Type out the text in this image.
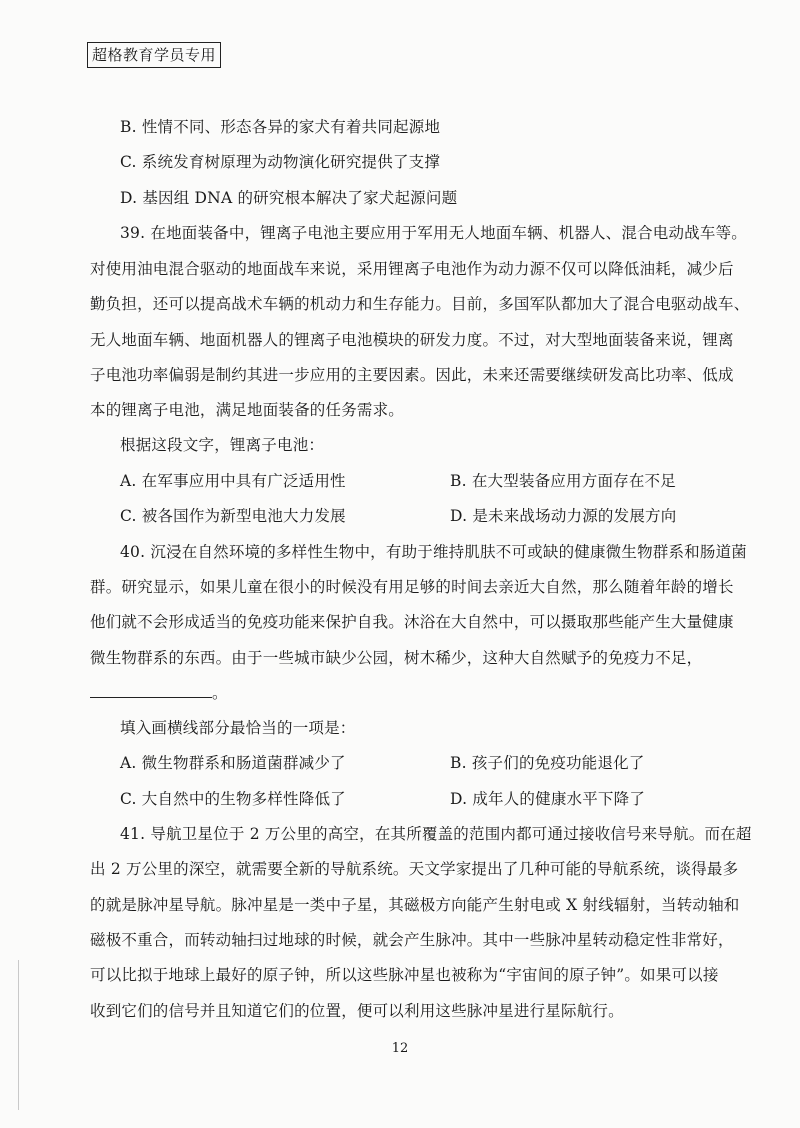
超格教育学员专用
B. 性情不同、形态各异的家犬有着共同起源地
C. 系统发育树原理为动物演化研究提供了支撑
D. 基因组 DNA 的研究根本解决了家犬起源问题
39. 在地面装备中，锂离子电池主要应用于军用无人地面车辆、机器人、混合电动战车等。
对使用油电混合驱动的地面战车来说，采用锂离子电池作为动力源不仅可以降低油耗，减少后
勤负担，还可以提高战术车辆的机动力和生存能力。目前，多国军队都加大了混合电驱动战车、
无人地面车辆、地面机器人的锂离子电池模块的研发力度。不过，对大型地面装备来说，锂离
子电池功率偏弱是制约其进一步应用的主要因素。因此，未来还需要继续研发高比功率、低成
本的锂离子电池，满足地面装备的任务需求。
根据这段文字，锂离子电池：
A. 在军事应用中具有广泛适用性	B. 在大型装备应用方面存在不足
C. 被各国作为新型电池大力发展	D. 是未来战场动力源的发展方向
40. 沉浸在自然环境的多样性生物中，有助于维持肌肤不可或缺的健康微生物群系和肠道菌
群。研究显示，如果儿童在很小的时候没有用足够的时间去亲近大自然，那么随着年龄的增长
他们就不会形成适当的免疫功能来保护自我。沐浴在大自然中，可以摄取那些能产生大量健康
微生物群系的东西。由于一些城市缺少公园，树木稀少，这种大自然赋予的免疫力不足，
。
填入画横线部分最恰当的一项是：
A. 微生物群系和肠道菌群减少了	B. 孩子们的免疫功能退化了
C. 大自然中的生物多样性降低了	D. 成年人的健康水平下降了
41. 导航卫星位于 2 万公里的高空，在其所覆盖的范围内都可通过接收信号来导航。而在超
出 2 万公里的深空，就需要全新的导航系统。天文学家提出了几种可能的导航系统，谈得最多
的就是脉冲星导航。脉冲星是一类中子星，其磁极方向能产生射电或 X 射线辐射，当转动轴和
磁极不重合，而转动轴扫过地球的时候，就会产生脉冲。其中一些脉冲星转动稳定性非常好，
可以比拟于地球上最好的原子钟，所以这些脉冲星也被称为“宇宙间的原子钟”。如果可以接
收到它们的信号并且知道它们的位置，便可以利用这些脉冲星进行星际航行。
12
